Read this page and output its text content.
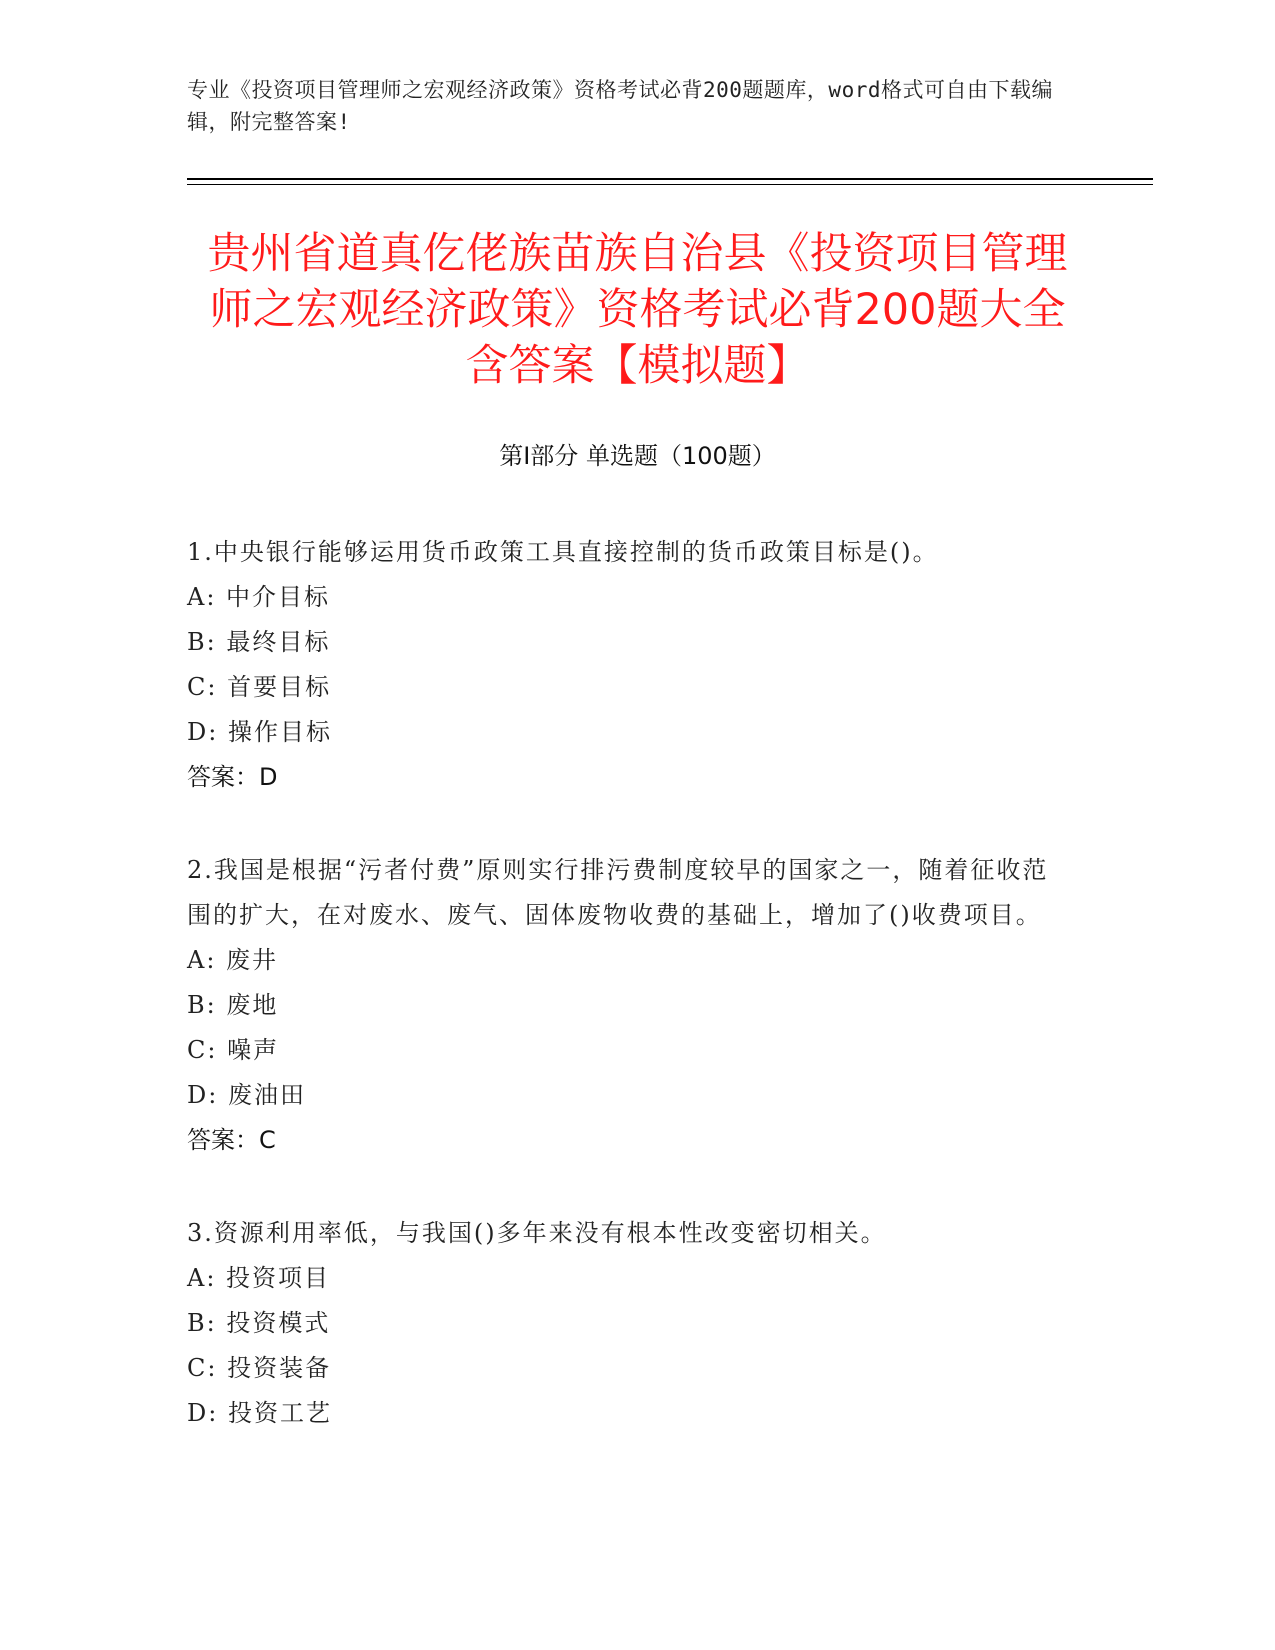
专业《投资项目管理师之宏观经济政策》资格考试必背200题题库，word格式可自由下载编辑，附完整答案!
贵州省道真仡佬族苗族自治县《投资项目管理师之宏观经济政策》资格考试必背200题大全含答案【模拟题】
第Ⅰ部分 单选题（100题）
1.中央银行能够运用货币政策工具直接控制的货币政策目标是()。
A: 中介目标
B: 最终目标
C: 首要目标
D: 操作目标
答案：D
2.我国是根据“污者付费”原则实行排污费制度较早的国家之一，随着征收范围的扩大，在对废水、废气、固体废物收费的基础上，增加了()收费项目。
A: 废井
B: 废地
C: 噪声
D: 废油田
答案：C
3.资源利用率低，与我国()多年来没有根本性改变密切相关。
A: 投资项目
B: 投资模式
C: 投资装备
D: 投资工艺
